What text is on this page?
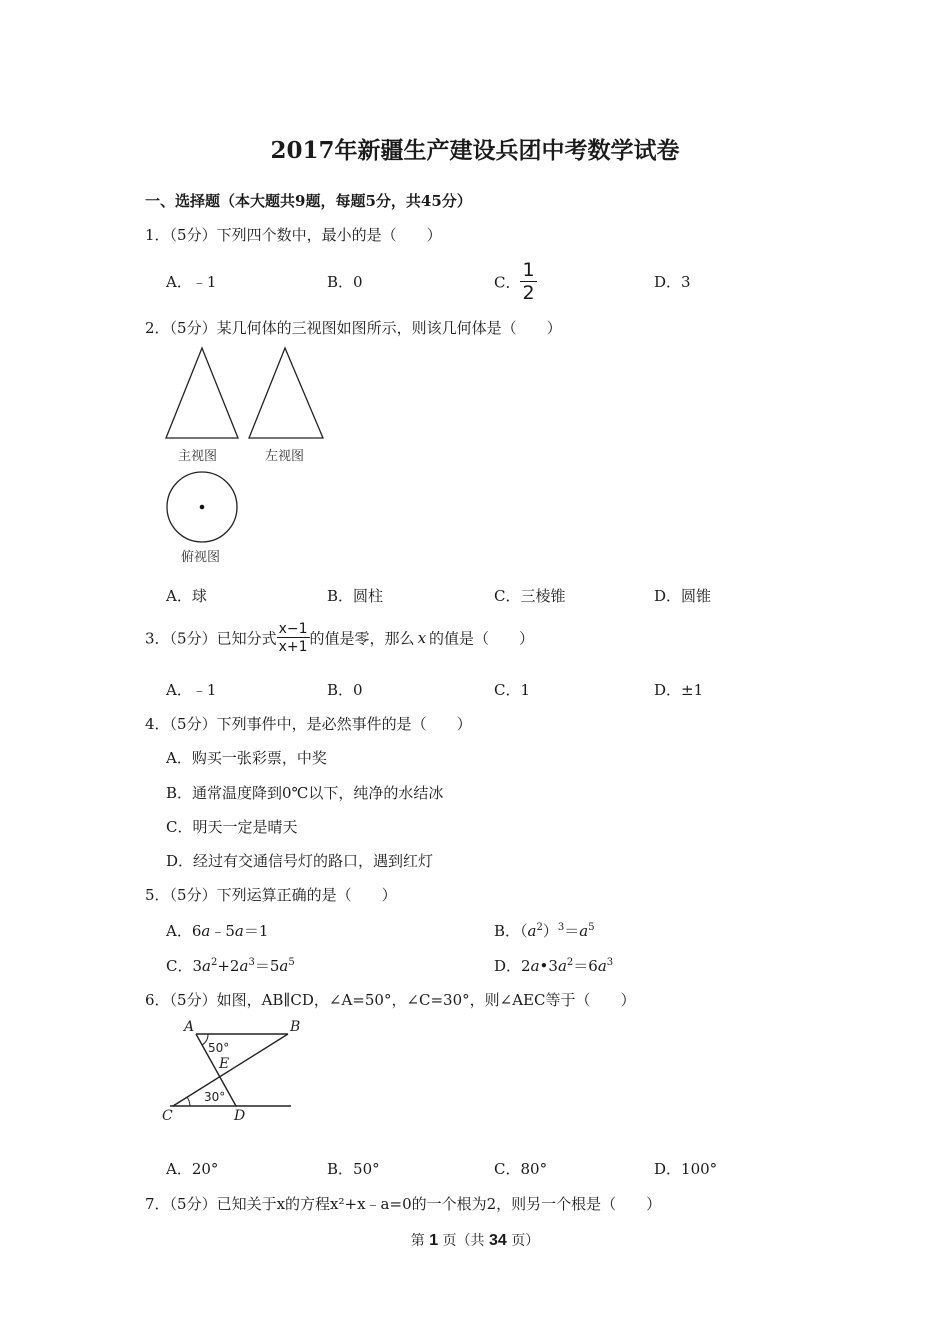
2017年新疆生产建设兵团中考数学试卷
一、选择题（本大题共9题，每题5分，共45分）
1．（5分）下列四个数中，最小的是（　　）
A．﹣1	B．0	C． $\frac{1}{2}$	D．3
2．（5分）某几何体的三视图如图所示，则该几何体是（　　）
主视图	左视图
俯视图
A．球	B．圆柱	C．三棱锥	D．圆锥
3．（5分）已知分式 $\frac{x-1}{x+1}$ 的值是零，那么 x 的值是（　　）
A．﹣1	B．0	C．1	D．±1
4．（5分）下列事件中，是必然事件的是（　　）
A．购买一张彩票，中奖
B．通常温度降到0℃以下，纯净的水结冰
C．明天一定是晴天
D．经过有交通信号灯的路口，遇到红灯
5．（5分）下列运算正确的是（　　）
A．6a﹣5a＝1	B．$(a^2)^3=a^5$
C．$3a^2+2a^3=5a^5$	D．$2a•3a^2=6a^3$
6．（5分）如图，AB∥CD，∠A=50°，∠C=30°，则∠AEC等于（　　）
A	B
C	D
E
50°
30°
A．20°	B．50°	C．80°	D．100°
7．（5分）已知关于x的方程x²+x﹣a=0的一个根为2，则另一个根是（　　）
第 1 页（共 34 页）
